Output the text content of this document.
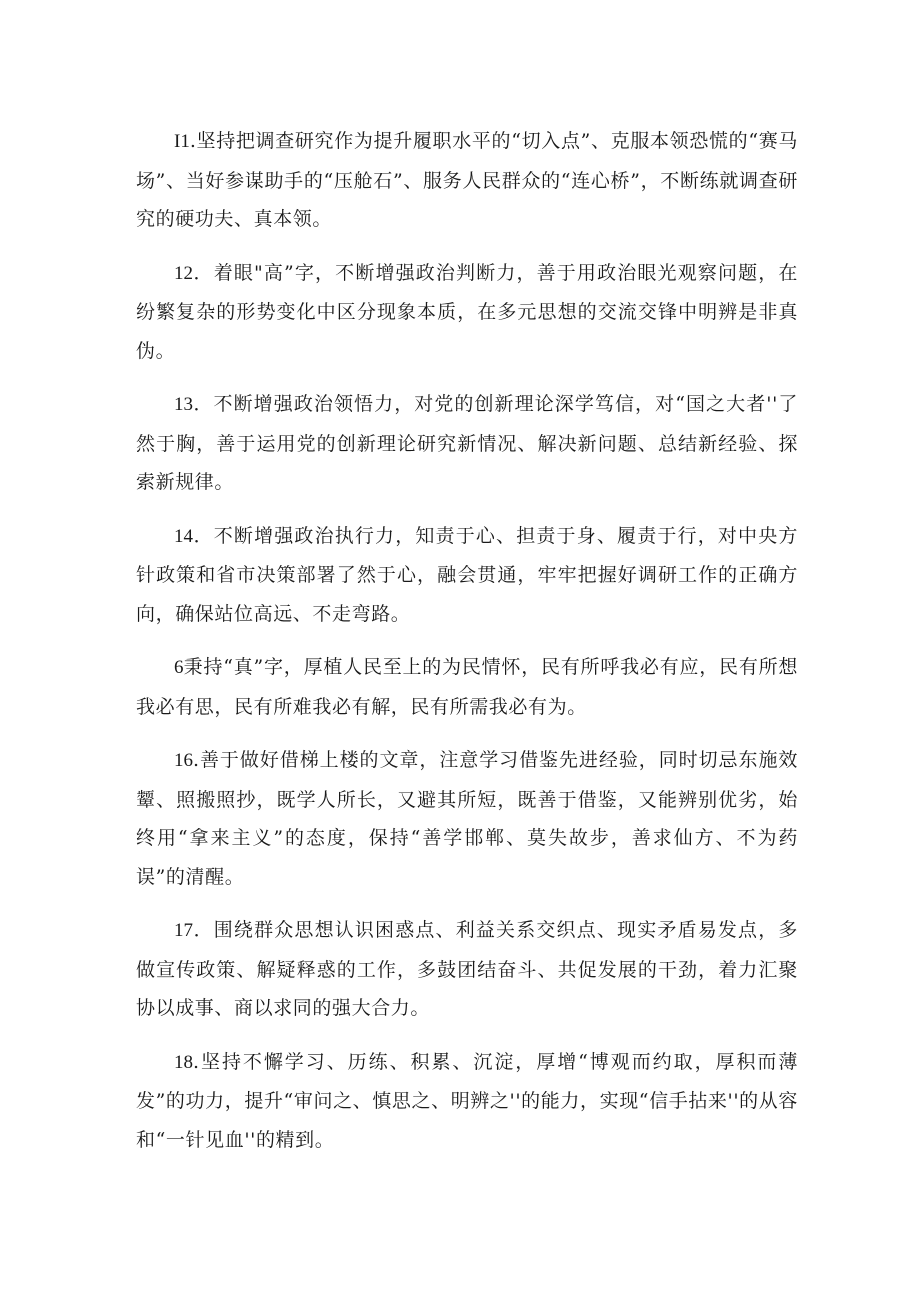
I1.坚持把调查研究作为提升履职水平的“切入点”、克服本领恐慌的“赛马场”、当好参谋助手的“压舱石”、服务人民群众的“连心桥”，不断练就调查研究的硬功夫、真本领。

12．着眼"高”字，不断增强政治判断力，善于用政治眼光观察问题，在纷繁复杂的形势变化中区分现象本质，在多元思想的交流交锋中明辨是非真伪。

13．不断增强政治领悟力，对党的创新理论深学笃信，对“国之大者''了然于胸，善于运用党的创新理论研究新情况、解决新问题、总结新经验、探索新规律。

14．不断增强政治执行力，知责于心、担责于身、履责于行，对中央方针政策和省市决策部署了然于心，融会贯通，牢牢把握好调研工作的正确方向，确保站位高远、不走弯路。

6秉持“真”字，厚植人民至上的为民情怀，民有所呼我必有应，民有所想我必有思，民有所难我必有解，民有所需我必有为。

16.善于做好借梯上楼的文章，注意学习借鉴先进经验，同时切忌东施效颦、照搬照抄，既学人所长，又避其所短，既善于借鉴，又能辨别优劣，始终用“拿来主义”的态度，保持“善学邯郸、莫失故步，善求仙方、不为药误”的清醒。

17．围绕群众思想认识困惑点、利益关系交织点、现实矛盾易发点，多做宣传政策、解疑释惑的工作，多鼓团结奋斗、共促发展的干劲，着力汇聚协以成事、商以求同的强大合力。

18.坚持不懈学习、历练、积累、沉淀，厚增“博观而约取，厚积而薄发”的功力，提升“审问之、慎思之、明辨之''的能力，实现“信手拈来''的从容和“一针见血''的精到。
